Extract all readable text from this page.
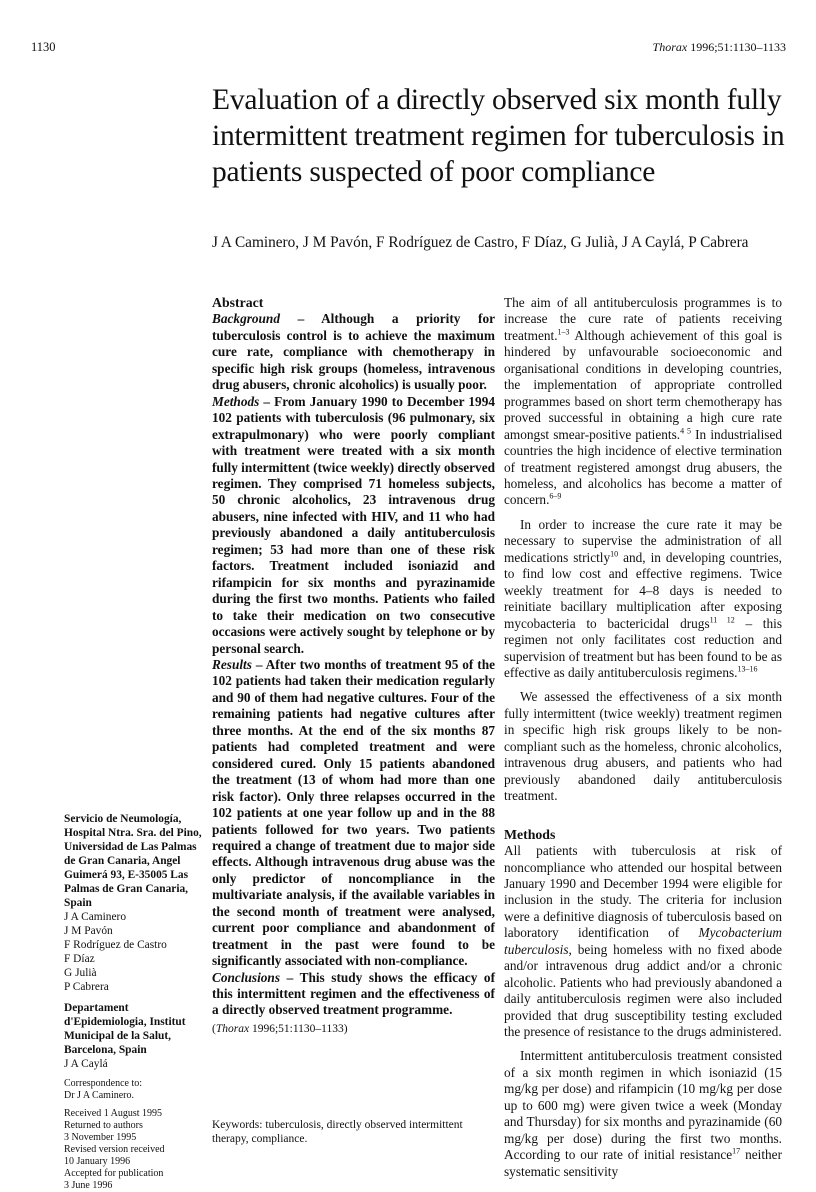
1130	Thorax 1996;51:1130–1133
Evaluation of a directly observed six month fully intermittent treatment regimen for tuberculosis in patients suspected of poor compliance
J A Caminero, J M Pavón, F Rodríguez de Castro, F Díaz, G Julià, J A Caylá, P Cabrera
Servicio de Neumología, Hospital Ntra. Sra. del Pino, Universidad de Las Palmas de Gran Canaria, Angel Guimerá 93, E-35005 Las Palmas de Gran Canaria, Spain
J A Caminero
J M Pavón
F Rodríguez de Castro
F Díaz
G Julià
P Cabrera
Departament d'Epidemiologia, Institut Municipal de la Salut, Barcelona, Spain
J A Caylá
Correspondence to:
Dr J A Caminero.
Received 1 August 1995
Returned to authors
3 November 1995
Revised version received
10 January 1996
Accepted for publication
3 June 1996
Abstract

Background – Although a priority for tuberculosis control is to achieve the maximum cure rate, compliance with chemotherapy in specific high risk groups (homeless, intravenous drug abusers, chronic alcoholics) is usually poor.

Methods – From January 1990 to December 1994 102 patients with tuberculosis (96 pulmonary, six extrapulmonary) who were poorly compliant with treatment were treated with a six month fully intermittent (twice weekly) directly observed regimen. They comprised 71 homeless subjects, 50 chronic alcoholics, 23 intravenous drug abusers, nine infected with HIV, and 11 who had previously abandoned a daily antituberculosis regimen; 53 had more than one of these risk factors. Treatment included isoniazid and rifampicin for six months and pyrazinamide during the first two months. Patients who failed to take their medication on two consecutive occasions were actively sought by telephone or by personal search.

Results – After two months of treatment 95 of the 102 patients had taken their medication regularly and 90 of them had negative cultures. Four of the remaining patients had negative cultures after three months. At the end of the six months 87 patients had completed treatment and were considered cured. Only 15 patients abandoned the treatment (13 of whom had more than one risk factor). Only three relapses occurred in the 102 patients at one year follow up and in the 88 patients followed for two years. Two patients required a change of treatment due to major side effects. Although intravenous drug abuse was the only predictor of noncompliance in the multivariate analysis, if the available variables in the second month of treatment were analysed, current poor compliance and abandonment of treatment in the past were found to be significantly associated with non-compliance.

Conclusions – This study shows the efficacy of this intermittent regimen and the effectiveness of a directly observed treatment programme.

(Thorax 1996;51:1130–1133)
Keywords: tuberculosis, directly observed intermittent therapy, compliance.

The aim of all antituberculosis programmes is to increase the cure rate of patients receiving treatment.$^{1-3}$ Although achievement of this goal is hindered by unfavourable socioeconomic and organisational conditions in developing countries, the implementation of appropriate controlled programmes based on short term chemotherapy has proved successful in obtaining a high cure rate amongst smear-positive patients.$^{4 5}$ In industrialised countries the high incidence of elective termination of treatment registered amongst drug abusers, the homeless, and alcoholics has become a matter of concern.$^{6-9}$

In order to increase the cure rate it may be necessary to supervise the administration of all medications strictly$^{10}$ and, in developing countries, to find low cost and effective regimens. Twice weekly treatment for 4–8 days is needed to reinitiate bacillary multiplication after exposing mycobacteria to bactericidal drugs$^{11 12}$ – this regimen not only facilitates cost reduction and supervision of treatment but has been found to be as effective as daily antituberculosis regimens.$^{13-16}$

We assessed the effectiveness of a six month fully intermittent (twice weekly) treatment regimen in specific high risk groups likely to be non-compliant such as the homeless, chronic alcoholics, intravenous drug abusers, and patients who had previously abandoned daily antituberculosis treatment.

Methods

All patients with tuberculosis at risk of noncompliance who attended our hospital between January 1990 and December 1994 were eligible for inclusion in the study. The criteria for inclusion were a definitive diagnosis of tuberculosis based on laboratory identification of Mycobacterium tuberculosis, being homeless with no fixed abode and/or intravenous drug addict and/or a chronic alcoholic. Patients who had previously abandoned a daily antituberculosis regimen were also included provided that drug susceptibility testing excluded the presence of resistance to the drugs administered.

Intermittent antituberculosis treatment consisted of a six month regimen in which isoniazid (15 mg/kg per dose) and rifampicin (10 mg/kg per dose up to 600 mg) were given twice a week (Monday and Thursday) for six months and pyrazinamide (60 mg/kg per dose) during the first two months. According to our rate of initial resistance$^{17}$ neither systematic sensitivity
